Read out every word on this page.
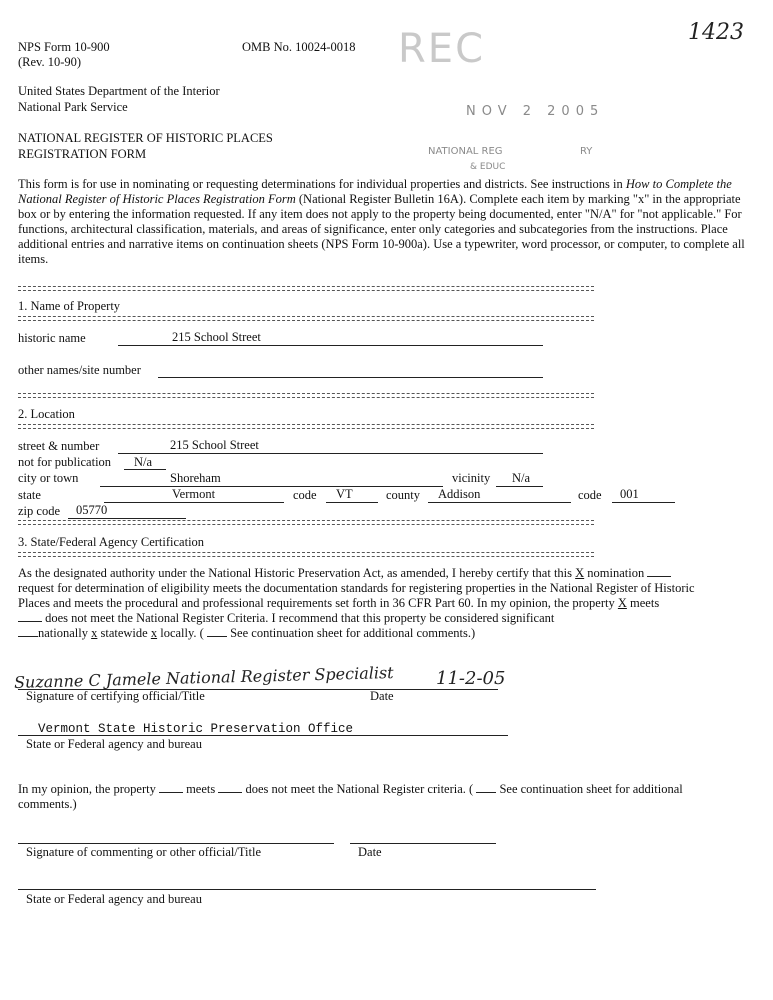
NPS Form 10-900
(Rev. 10-90)
OMB No. 10024-0018
1423
United States Department of the Interior
National Park Service
NATIONAL REGISTER OF HISTORIC PLACES
REGISTRATION FORM
REC
NOV 2 2005
NATIONAL REG	RY
& EDUC
This form is for use in nominating or requesting determinations for individual properties and districts. See instructions in How to Complete the National Register of Historic Places Registration Form (National Register Bulletin 16A). Complete each item by marking "x" in the appropriate box or by entering the information requested. If any item does not apply to the property being documented, enter "N/A" for "not applicable." For functions, architectural classification, materials, and areas of significance, enter only categories and subcategories from the instructions. Place additional entries and narrative items on continuation sheets (NPS Form 10-900a). Use a typewriter, word processor, or computer, to complete all items.
1. Name of Property
historic name	215 School Street
other names/site number
2. Location
street & number	215 School Street
not for publication N/a
city or town	Shoreham	vicinity N/a
state	Vermont	code VT	county Addison	code 001
zip code 05770
3. State/Federal Agency Certification
As the designated authority under the National Historic Preservation Act, as amended, I hereby certify that this X nomination
request for determination of eligibility meets the documentation standards for registering properties in the National Register of Historic
Places and meets the procedural and professional requirements set forth in 36 CFR Part 60. In my opinion, the property X meets
does not meet the National Register Criteria. I recommend that this property be considered significant
nationally x statewide x locally. (  See continuation sheet for additional comments.)
Suzanne C Jamele National Register Specialist 11-2-05
Signature of certifying official/Title	Date
Vermont State Historic Preservation Office
State or Federal agency and bureau
In my opinion, the property  meets  does not meet the National Register criteria. (  See continuation sheet for additional
comments.)
Signature of commenting or other official/Title	Date
State or Federal agency and bureau
